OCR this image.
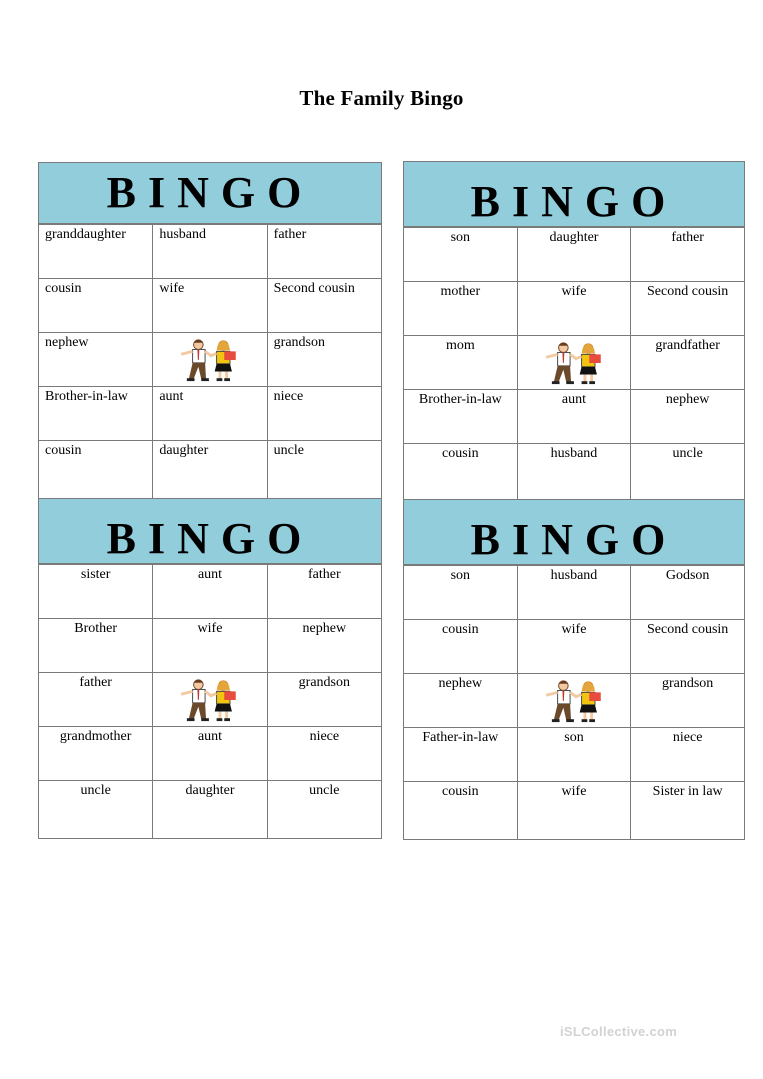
The Family Bingo
BINGO
granddaughter	husband	father

cousin	wife	Second cousin

nephew		grandson

Brother-in-law	aunt	niece

cousin	daughter	uncle
BINGO
son	daughter	father

mother	wife	Second cousin

mom		grandfather

Brother-in-law	aunt	nephew

cousin	husband	uncle
BINGO
sister	aunt	father

Brother	wife	nephew

father		grandson

grandmother	aunt	niece

uncle	daughter	uncle
BINGO
son	husband	Godson

cousin	wife	Second cousin

nephew		grandson

Father-in-law	son	niece

cousin	wife	Sister in law
iSLCollective.com
